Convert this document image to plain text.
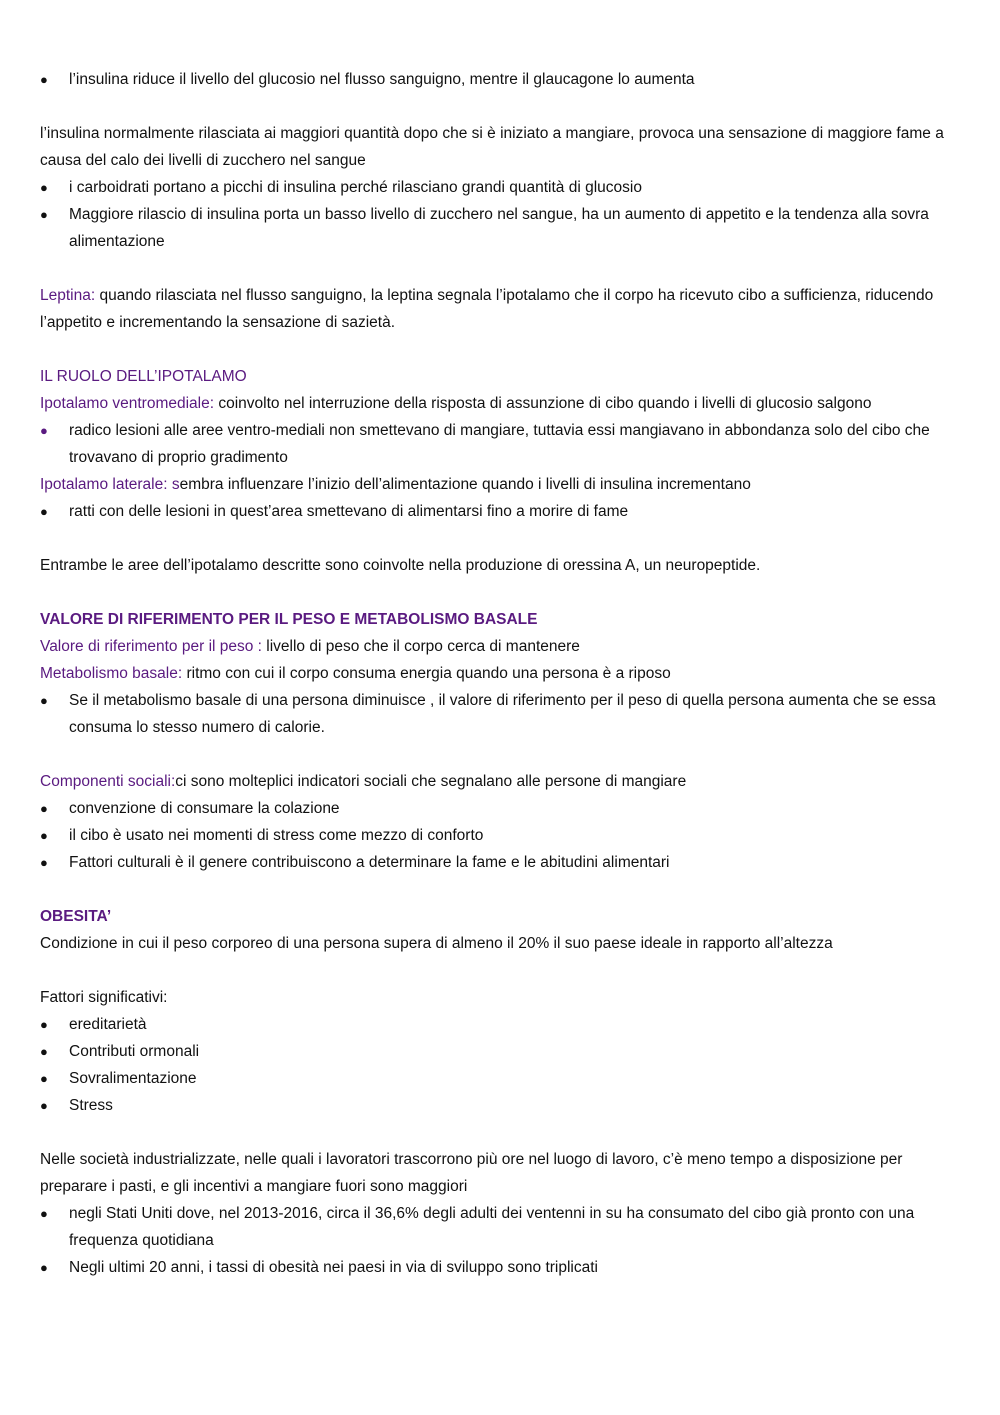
●	l’insulina riduce il livello del glucosio nel flusso sanguigno, mentre il glaucagone lo aumenta

l’insulina normalmente rilasciata ai maggiori quantità dopo che si è iniziato a mangiare, provoca una sensazione di maggiore fame a causa del calo dei livelli di zucchero nel sangue

●	i carboidrati portano a picchi di insulina perché rilasciano grandi quantità di glucosio
●	Maggiore rilascio di insulina porta un basso livello di zucchero nel sangue, ha un aumento di appetito e la tendenza alla sovra alimentazione

Leptina: quando rilasciata nel flusso sanguigno, la leptina segnala l’ipotalamo che il corpo ha ricevuto cibo a sufficienza, riducendo l’appetito e incrementando la sensazione di sazietà.

IL RUOLO DELL’IPOTALAMO

Ipotalamo ventromediale: coinvolto nel interruzione della risposta di assunzione di cibo quando i livelli di glucosio salgono

●	radico lesioni alle aree ventro-mediali non smettevano di mangiare, tuttavia essi mangiavano in abbondanza solo del cibo che trovavano di proprio gradimento

Ipotalamo laterale: sembra influenzare l’inizio dell’alimentazione quando i livelli di insulina incrementano

●	ratti con delle lesioni in quest’area smettevano di alimentarsi fino a morire di fame

Entrambe le aree dell’ipotalamo descritte sono coinvolte nella produzione di oressina A, un neuropeptide.

VALORE DI RIFERIMENTO PER IL PESO E METABOLISMO BASALE

Valore di riferimento per il peso : livello di peso che il corpo cerca di mantenere

Metabolismo basale: ritmo con cui il corpo consuma energia quando una persona è a riposo

●	Se il metabolismo basale di una persona diminuisce , il valore di riferimento per il peso di quella persona aumenta che se essa consuma lo stesso numero di calorie.

Componenti sociali:ci sono molteplici indicatori sociali che segnalano alle persone di mangiare

●	convenzione di consumare la colazione
●	il cibo è usato nei momenti di stress come mezzo di conforto
●	Fattori culturali è il genere contribuiscono a determinare la fame e le abitudini alimentari

OBESITA’

Condizione in cui il peso corporeo di una persona supera di almeno il 20% il suo paese ideale in rapporto all’altezza

Fattori significativi:

●	ereditarietà
●	Contributi ormonali
●	Sovralimentazione
●	Stress

Nelle società industrializzate, nelle quali i lavoratori trascorrono più ore nel luogo di lavoro, c’è meno tempo a disposizione per preparare i pasti, e gli incentivi a mangiare fuori sono maggiori

●	negli Stati Uniti dove, nel 2013-2016, circa il 36,6% degli adulti dei ventenni in su ha consumato del cibo già pronto con una frequenza quotidiana
●	Negli ultimi 20 anni, i tassi di obesità nei paesi in via di sviluppo sono triplicati
